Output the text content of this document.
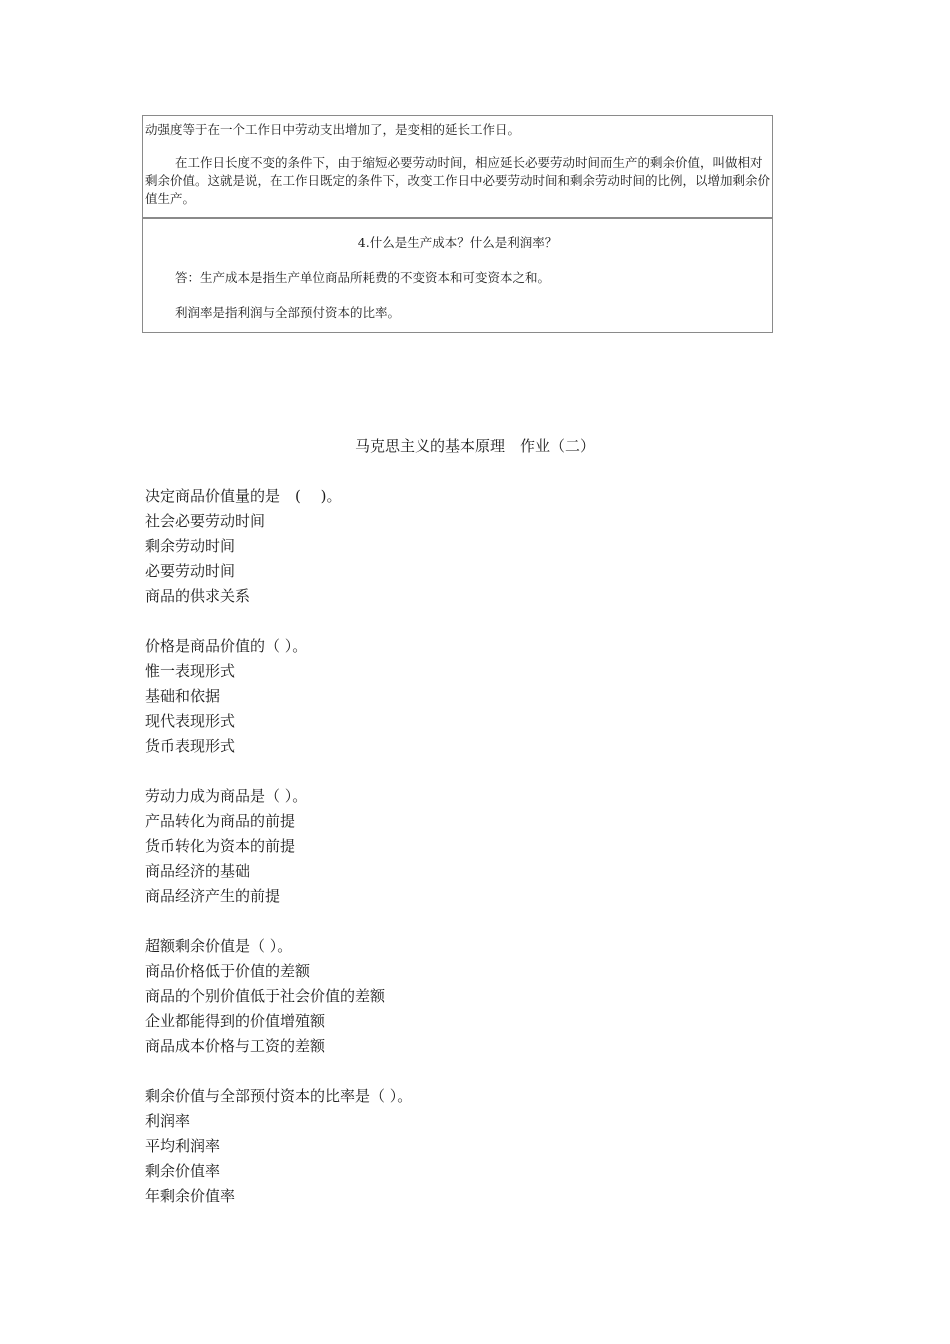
动强度等于在一个工作日中劳动支出增加了，是变相的延长工作日。

在工作日长度不变的条件下，由于缩短必要劳动时间，相应延长必要劳动时间而生产的剩余价值，叫做相对剩余价值。这就是说，在工作日既定的条件下，改变工作日中必要劳动时间和剩余劳动时间的比例，以增加剩余价值生产。

4.什么是生产成本？什么是利润率？

答：生产成本是指生产单位商品所耗费的不变资本和可变资本之和。

利润率是指利润与全部预付资本的比率。

马克思主义的基本原理　作业（二）
决定商品价值量的是　(　 )。
社会必要劳动时间
剩余劳动时间
必要劳动时间
商品的供求关系
价格是商品价值的（ ）。
惟一表现形式
基础和依据
现代表现形式
货币表现形式
劳动力成为商品是（ ）。
产品转化为商品的前提
货币转化为资本的前提
商品经济的基础
商品经济产生的前提
超额剩余价值是（ ）。
商品价格低于价值的差额
商品的个别价值低于社会价值的差额
企业都能得到的价值增殖额
商品成本价格与工资的差额
剩余价值与全部预付资本的比率是（ ）。
利润率
平均利润率
剩余价值率
年剩余价值率
